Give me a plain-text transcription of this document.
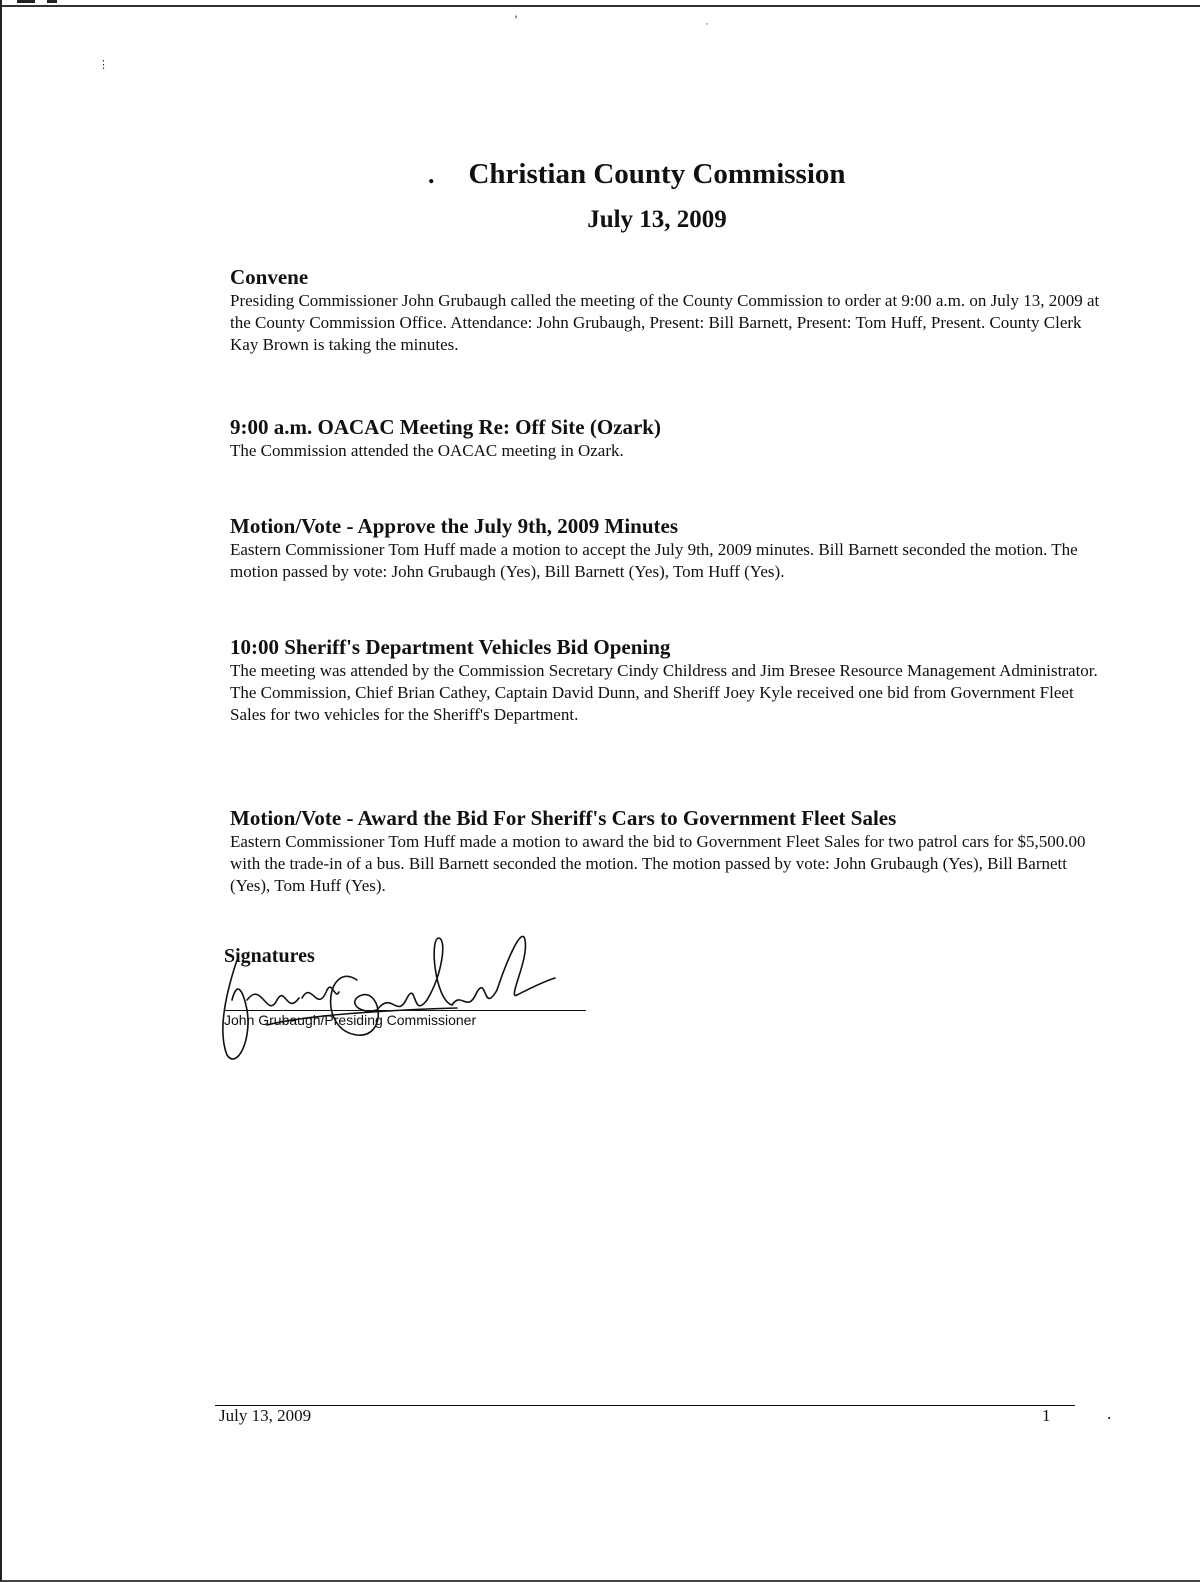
’
˙
⋮
.	Christian County Commission
July 13, 2009
Convene

Presiding Commissioner John Grubaugh called the meeting of the County Commission to order at 9:00 a.m. on July 13, 2009 at the County Commission Office. Attendance: John Grubaugh, Present: Bill Barnett, Present: Tom Huff, Present. County Clerk Kay Brown is taking the minutes.

9:00 a.m. OACAC Meeting Re: Off Site (Ozark)

The Commission attended the OACAC meeting in Ozark.

Motion/Vote - Approve the July 9th, 2009 Minutes

Eastern Commissioner Tom Huff made a motion to accept the July 9th, 2009 minutes. Bill Barnett seconded the motion. The motion passed by vote: John Grubaugh (Yes), Bill Barnett (Yes), Tom Huff (Yes).

10:00 Sheriff's Department Vehicles Bid Opening

The meeting was attended by the Commission Secretary Cindy Childress and Jim Bresee Resource Management Administrator.

The Commission, Chief Brian Cathey, Captain David Dunn, and Sheriff Joey Kyle received one bid from Government Fleet Sales for two vehicles for the Sheriff's Department.

Motion/Vote - Award the Bid For Sheriff's Cars to Government Fleet Sales

Eastern Commissioner Tom Huff made a motion to award the bid to Government Fleet Sales for two patrol cars for $5,500.00 with the trade-in of a bus. Bill Barnett seconded the motion. The motion passed by vote: John Grubaugh (Yes), Bill Barnett (Yes), Tom Huff (Yes).

Signatures
John Grubaugh/Presiding Commissioner
July 13, 2009	1	.
